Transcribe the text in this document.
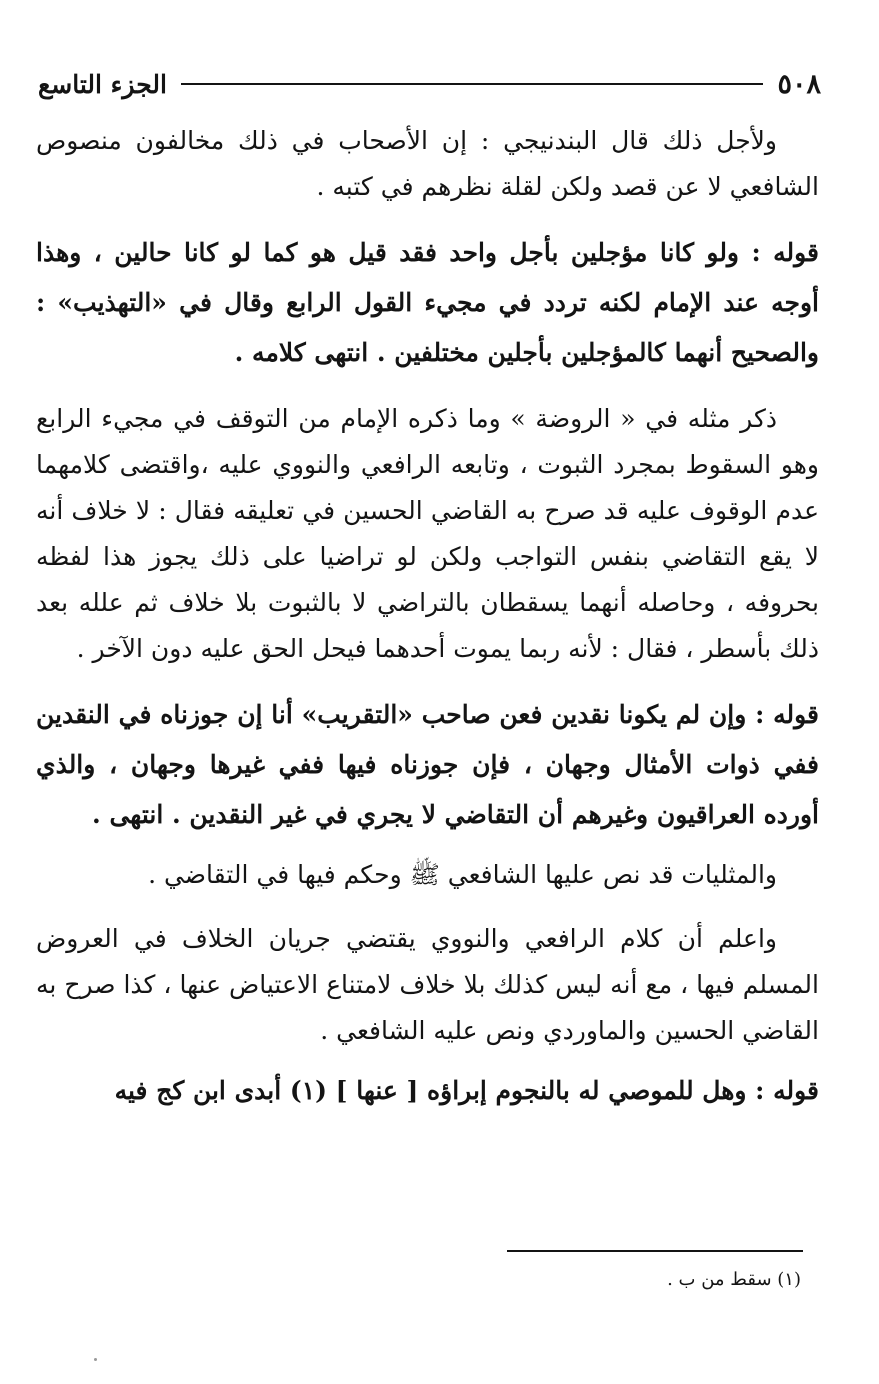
٥٠٨
الجزء التاسع

ولأجل ذلك قال البندنيجي : إن الأصحاب في ذلك مخالفون منصوص الشافعي لا عن قصد ولكن لقلة نظرهم في كتبه .

قوله : ولو كانا مؤجلين بأجل واحد فقد قيل هو كما لو كانا حالين ، وهذا أوجه عند الإمام لكنه تردد في مجيء القول الرابع وقال في «التهذيب» : والصحيح أنهما كالمؤجلين بأجلين مختلفين . انتهى كلامه .

ذكر مثله في « الروضة » وما ذكره الإمام من التوقف في مجيء الرابع وهو السقوط بمجرد الثبوت ، وتابعه الرافعي والنووي عليه ،واقتضى كلامهما عدم الوقوف عليه قد صرح به القاضي الحسين في تعليقه فقال : لا خلاف أنه لا يقع التقاضي بنفس التواجب ولكن لو تراضيا على ذلك يجوز هذا لفظه بحروفه ، وحاصله أنهما يسقطان بالتراضي لا بالثبوت بلا خلاف ثم علله بعد ذلك بأسطر ، فقال : لأنه ربما يموت أحدهما فيحل الحق عليه دون الآخر .

قوله : وإن لم يكونا نقدين فعن صاحب «التقريب» أنا إن جوزناه في النقدين ففي ذوات الأمثال وجهان ، فإن جوزناه فيها ففي غيرها وجهان ، والذي أورده العراقيون وغيرهم أن التقاضي لا يجري في غير النقدين . انتهى .

والمثليات قد نص عليها الشافعي ﷺ وحكم فيها في التقاضي .

واعلم أن كلام الرافعي والنووي يقتضي جريان الخلاف في العروض المسلم فيها ، مع أنه ليس كذلك بلا خلاف لامتناع الاعتياض عنها ، كذا صرح به القاضي الحسين والماوردي ونص عليه الشافعي .

قوله : وهل للموصي له بالنجوم إبراؤه [ عنها ] (١) أبدى ابن كج فيه

(١) سقط من ب .
